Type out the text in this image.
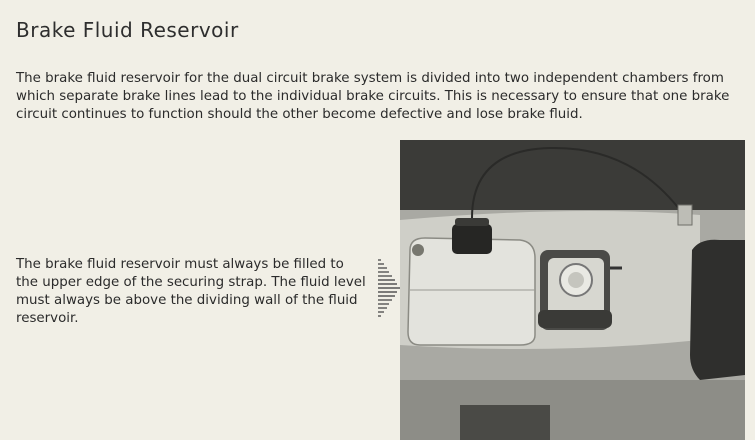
Brake Fluid Reservoir

The brake fluid reservoir for the dual circuit brake system is divided into two independent chambers from which separate brake lines lead to the individual brake circuits. This is necessary to ensure that one brake circuit continues to function should the other become defective and lose brake fluid.

The brake fluid reservoir must always be filled to the upper edge of the securing strap. The fluid level must always be above the dividing wall of the fluid reservoir.
